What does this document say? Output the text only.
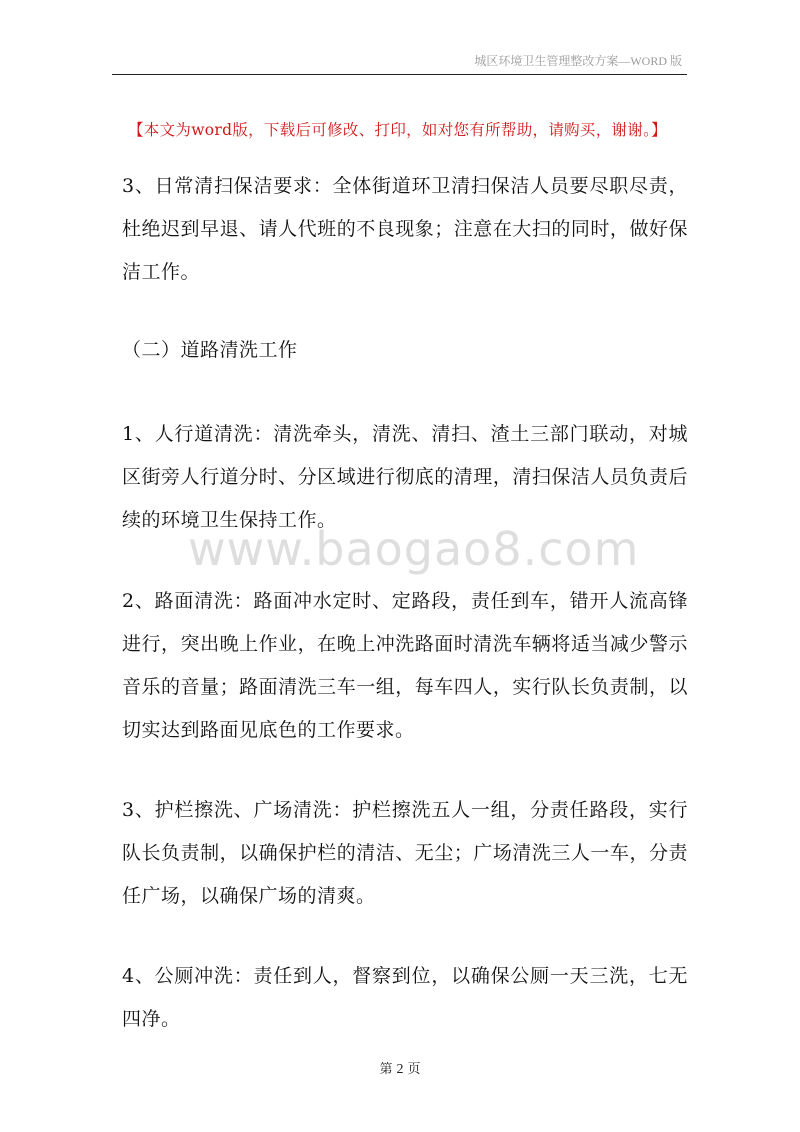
城区环境卫生管理整改方案—WORD 版
【本文为word版，下载后可修改、打印，如对您有所帮助，请购买，谢谢。】

3、日常清扫保洁要求：全体街道环卫清扫保洁人员要尽职尽责，杜绝迟到早退、请人代班的不良现象；注意在大扫的同时，做好保洁工作。

（二）道路清洗工作

1、人行道清洗：清洗牵头，清洗、清扫、渣土三部门联动，对城区街旁人行道分时、分区域进行彻底的清理，清扫保洁人员负责后续的环境卫生保持工作。

www.baogao8.com

2、路面清洗：路面冲水定时、定路段，责任到车，错开人流高锋进行，突出晚上作业，在晚上冲洗路面时清洗车辆将适当减少警示音乐的音量；路面清洗三车一组，每车四人，实行队长负责制，以切实达到路面见底色的工作要求。

3、护栏擦洗、广场清洗：护栏擦洗五人一组，分责任路段，实行队长负责制，以确保护栏的清洁、无尘；广场清洗三人一车，分责任广场，以确保广场的清爽。

4、公厕冲洗：责任到人，督察到位，以确保公厕一天三洗，七无四净。

第 2 页
